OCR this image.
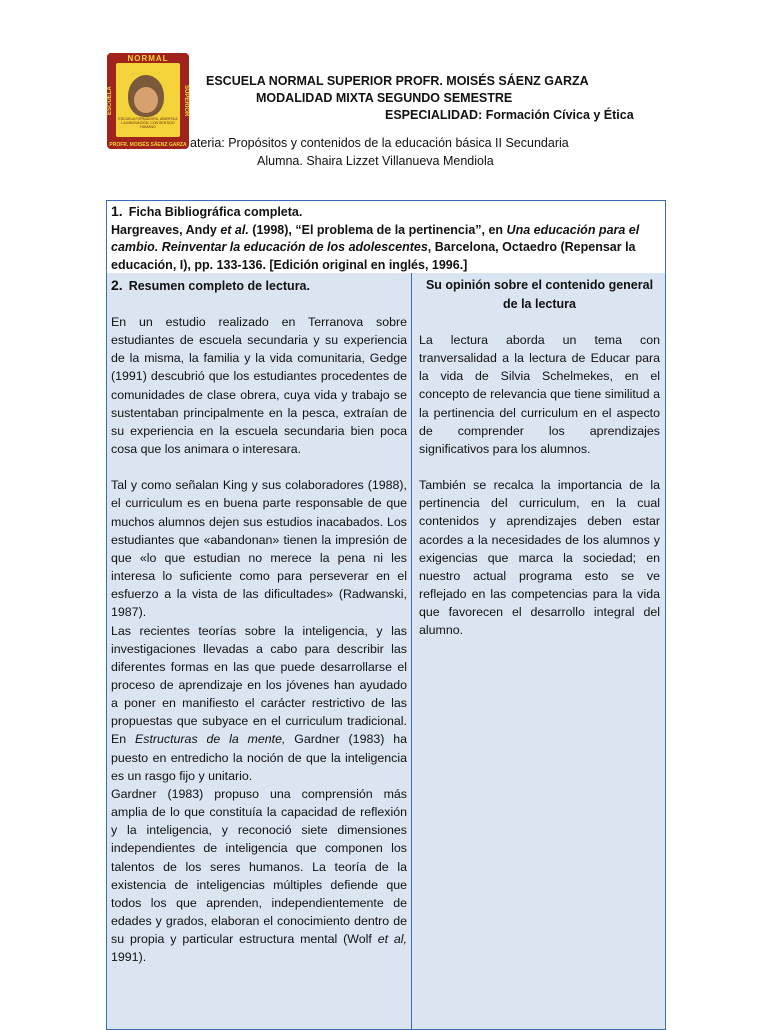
NORMAL
ESCUELA	SUPERIOR
ESCUELA FORMADORA, ABIERTA A LA INNOVACIÓN, CON SENTIDO HUMANO
PROFR. MOISÉS SÁENZ GARZA
ESCUELA NORMAL SUPERIOR PROFR. MOISÉS SÁENZ GARZA
MODALIDAD MIXTA SEGUNDO SEMESTRE
ESPECIALIDAD: Formación Cívica y Ética
ateria: Propósitos y contenidos de la educación básica II Secundaria
Alumna. Shaira Lizzet Villanueva Mendiola
1. Ficha Bibliográfica completa.
Hargreaves, Andy et al. (1998), “El problema de la pertinencia”, en Una educación para el cambio. Reinventar la educación de los adolescentes, Barcelona, Octaedro (Repensar la educación, I), pp. 133-136. [Edición original en inglés, 1996.]
2. Resumen completo de lectura.

En un estudio realizado en Terranova sobre estudiantes de escuela secundaria y su experiencia de la misma, la familia y la vida comunitaria, Gedge (1991) descubrió que los estudiantes procedentes de comunidades de clase obrera, cuya vida y trabajo se sustentaban principalmente en la pesca, extraían de su experiencia en la escuela secundaria bien poca cosa que los animara o interesara.

Tal y como señalan King y sus colaboradores (1988), el curriculum es en buena parte responsable de que muchos alumnos dejen sus estudios inacabados. Los estudiantes que «abandonan» tienen la impresión de que «lo que estudian no merece la pena ni les interesa lo suficiente como para perseverar en el esfuerzo a la vista de las dificultades» (Radwanski, 1987).

Las recientes teorías sobre la inteligencia, y las investigaciones llevadas a cabo para describir las diferentes formas en las que puede desarrollarse el proceso de aprendizaje en los jóvenes han ayudado a poner en manifiesto el carácter restrictivo de las propuestas que subyace en el curriculum tradicional. En Estructuras de la mente, Gardner (1983) ha puesto en entredicho la noción de que la inteligencia es un rasgo fijo y unitario.

Gardner (1983) propuso una comprensión más amplia de lo que constituía la capacidad de reflexión y la inteligencia, y reconoció siete dimensiones independientes de inteligencia que componen los talentos de los seres humanos. La teoría de la existencia de inteligencias múltiples defiende que todos los que aprenden, independientemente de edades y grados, elaboran el conocimiento dentro de su propia y particular estructura mental (Wolf et al, 1991).

Su opinión sobre el contenido general de la lectura

La lectura aborda un tema con tranversalidad a la lectura de Educar para la vida de Silvia Schelmekes, en el concepto de relevancia que tiene similitud a la pertinencia del curriculum en el aspecto de comprender los aprendizajes significativos para los alumnos.

También se recalca la importancia de la pertinencia del curriculum, en la cual contenidos y aprendizajes deben estar acordes a la necesidades de los alumnos y exigencias que marca la sociedad; en nuestro actual programa esto se ve reflejado en las competencias para la vida que favorecen el desarrollo integral del alumno.
